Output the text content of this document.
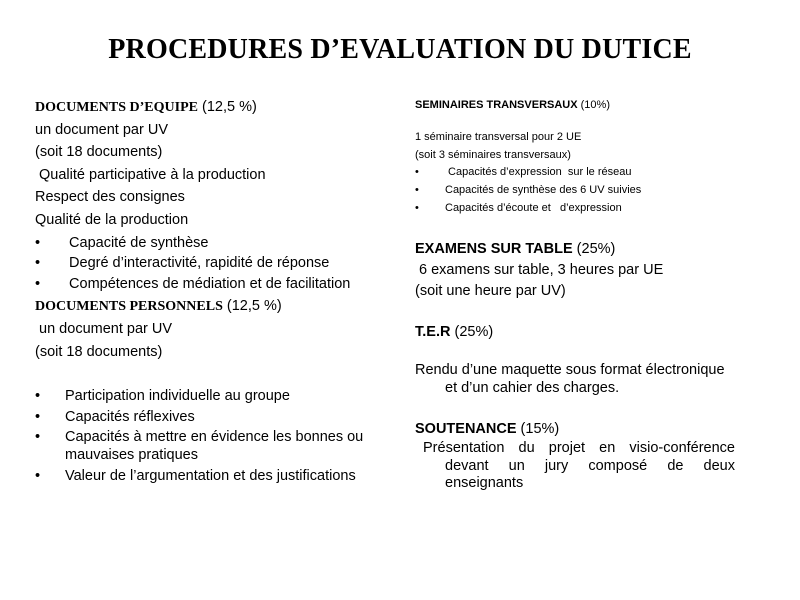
PROCEDURES D’EVALUATION DU DUTICE
DOCUMENTS D’EQUIPE (12,5 %)
un document par UV
(soit 18 documents)
Qualité participative à la production
Respect des consignes
Qualité de la production
• Capacité de synthèse
• Degré d’interactivité, rapidité de réponse
• Compétences de médiation et de facilitation
DOCUMENTS PERSONNELS (12,5 %)
un document par UV
(soit 18 documents)
• Participation individuelle au groupe
• Capacités réflexives
• Capacités à mettre en évidence les bonnes ou mauvaises pratiques
• Valeur de l’argumentation et des justifications
SEMINAIRES TRANSVERSAUX (10%)
1 séminaire transversal pour 2 UE
(soit 3 séminaires transversaux)
• Capacités d’expression  sur le réseau
• Capacités de synthèse des 6 UV suivies
• Capacités d’écoute et   d’expression
EXAMENS SUR TABLE (25%)
6 examens sur table, 3 heures par UE
(soit une heure par UV)
T.E.R (25%)
Rendu d’une maquette sous format électronique et d’un cahier des charges.
SOUTENANCE (15%)
Présentation du projet en visio-conférence devant un jury composé de deux enseignants
